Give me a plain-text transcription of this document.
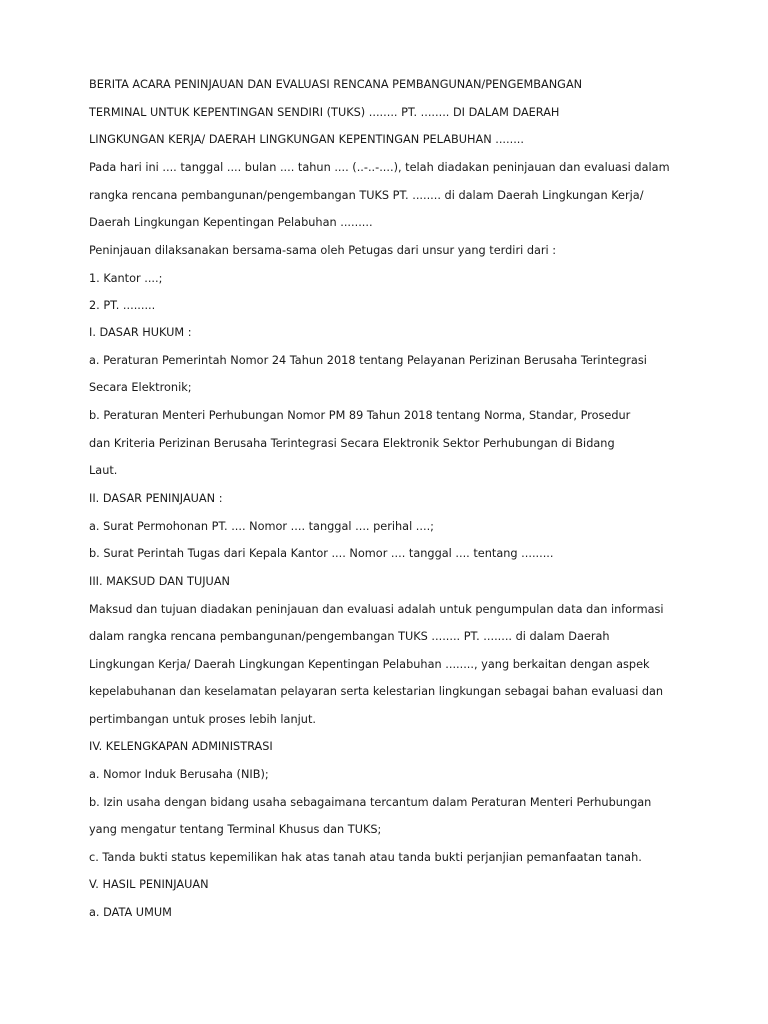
BERITA ACARA PENINJAUAN DAN EVALUASI RENCANA PEMBANGUNAN/PENGEMBANGAN
TERMINAL UNTUK KEPENTINGAN SENDIRI (TUKS) ........ PT. ........ DI DALAM DAERAH
LINGKUNGAN KERJA/ DAERAH LINGKUNGAN KEPENTINGAN PELABUHAN ........
Pada hari ini .... tanggal .... bulan .... tahun .... (..-..-....), telah diadakan peninjauan dan evaluasi dalam
rangka rencana pembangunan/pengembangan TUKS PT. ........ di dalam Daerah Lingkungan Kerja/
Daerah Lingkungan Kepentingan Pelabuhan .........
Peninjauan dilaksanakan bersama-sama oleh Petugas dari unsur yang terdiri dari :
1. Kantor ....;
2. PT. .........
I. DASAR HUKUM :
a. Peraturan Pemerintah Nomor 24 Tahun 2018 tentang Pelayanan Perizinan Berusaha Terintegrasi
Secara Elektronik;
b. Peraturan Menteri Perhubungan Nomor PM 89 Tahun 2018 tentang Norma, Standar, Prosedur
dan Kriteria Perizinan Berusaha Terintegrasi Secara Elektronik Sektor Perhubungan di Bidang
Laut.
II. DASAR PENINJAUAN :
a. Surat Permohonan PT. .... Nomor .... tanggal .... perihal ....;
b. Surat Perintah Tugas dari Kepala Kantor .... Nomor .... tanggal .... tentang .........
III. MAKSUD DAN TUJUAN
Maksud dan tujuan diadakan peninjauan dan evaluasi adalah untuk pengumpulan data dan informasi
dalam rangka rencana pembangunan/pengembangan TUKS ........ PT. ........ di dalam Daerah
Lingkungan Kerja/ Daerah Lingkungan Kepentingan Pelabuhan ........, yang berkaitan dengan aspek
kepelabuhanan dan keselamatan pelayaran serta kelestarian lingkungan sebagai bahan evaluasi dan
pertimbangan untuk proses lebih lanjut.
IV. KELENGKAPAN ADMINISTRASI
a. Nomor Induk Berusaha (NIB);
b. Izin usaha dengan bidang usaha sebagaimana tercantum dalam Peraturan Menteri Perhubungan
yang mengatur tentang Terminal Khusus dan TUKS;
c. Tanda bukti status kepemilikan hak atas tanah atau tanda bukti perjanjian pemanfaatan tanah.
V. HASIL PENINJAUAN
a. DATA UMUM
